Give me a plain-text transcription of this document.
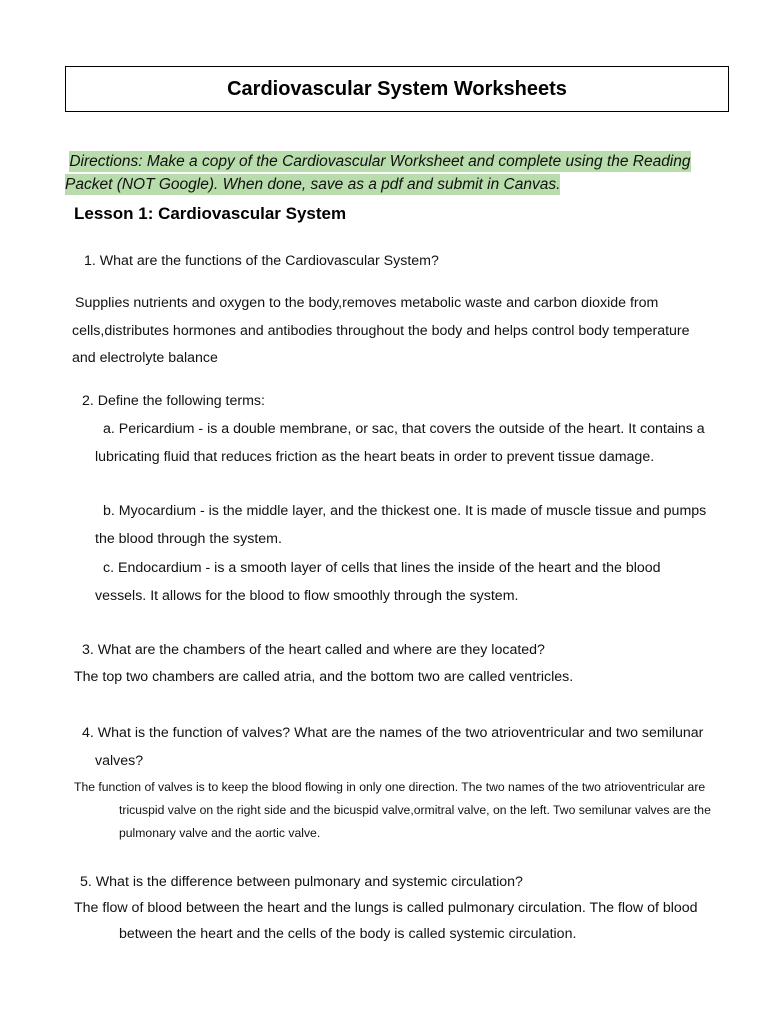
Cardiovascular System Worksheets

Directions: Make a copy of the Cardiovascular Worksheet and complete using the Reading Packet (NOT Google). When done, save as a pdf and submit in Canvas.

Lesson 1: Cardiovascular System

1. What are the functions of the Cardiovascular System?

Supplies nutrients and oxygen to the body,removes metabolic waste and carbon dioxide from cells,distributes hormones and antibodies throughout the body and helps control body temperature and electrolyte balance

2. Define the following terms:

a. Pericardium - is a double membrane, or sac, that covers the outside of the heart. It contains a lubricating fluid that reduces friction as the heart beats in order to prevent tissue damage.

b. Myocardium - is the middle layer, and the thickest one. It is made of muscle tissue and pumps the blood through the system.

c. Endocardium - is a smooth layer of cells that lines the inside of the heart and the blood vessels. It allows for the blood to flow smoothly through the system.

3. What are the chambers of the heart called and where are they located?

The top two chambers are called atria, and the bottom two are called ventricles.

4. What is the function of valves? What are the names of the two atrioventricular and two semilunar valves?

The function of valves is to keep the blood flowing in only one direction. The two names of the two atrioventricular are tricuspid valve on the right side and the bicuspid valve,ormitral valve, on the left. Two semilunar valves are the pulmonary valve and the aortic valve.

5. What is the difference between pulmonary and systemic circulation?

The flow of blood between the heart and the lungs is called pulmonary circulation. The flow of blood between the heart and the cells of the body is called systemic circulation.
